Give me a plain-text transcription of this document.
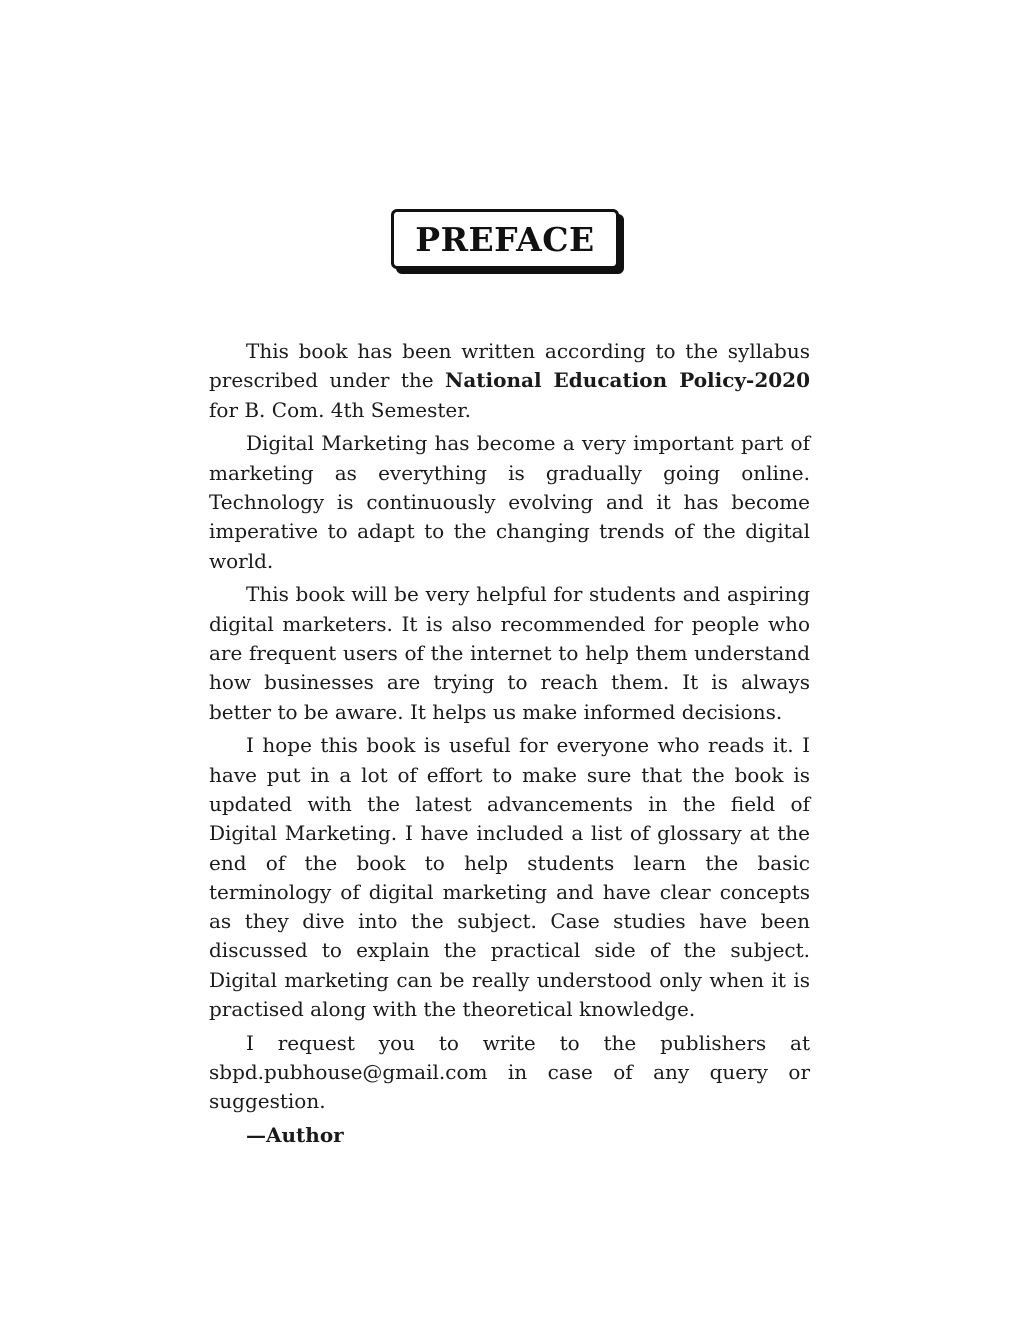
PREFACE

This book has been written according to the syllabus prescribed under the National Education Policy-2020 for B. Com. 4th Semester.

Digital Marketing has become a very important part of marketing as everything is gradually going online. Technology is continuously evolving and it has become imperative to adapt to the changing trends of the digital world.

This book will be very helpful for students and aspiring digital marketers. It is also recommended for people who are frequent users of the internet to help them understand how businesses are trying to reach them. It is always better to be aware. It helps us make informed decisions.

I hope this book is useful for everyone who reads it. I have put in a lot of effort to make sure that the book is updated with the latest advancements in the field of Digital Marketing. I have included a list of glossary at the end of the book to help students learn the basic terminology of digital marketing and have clear concepts as they dive into the subject. Case studies have been discussed to explain the practical side of the subject. Digital marketing can be really understood only when it is practised along with the theoretical knowledge.

I request you to write to the publishers at sbpd.pubhouse@gmail.com in case of any query or suggestion.

—Author
